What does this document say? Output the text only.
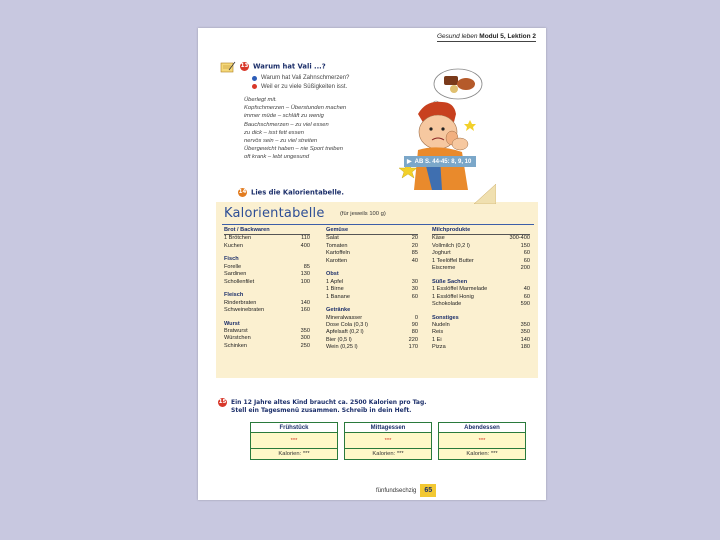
Gesund leben Modul 5, Lektion 2
13 Warum hat Vali ...?
Warum hat Vali Zahnschmerzen?
Weil er zu viele Süßigkeiten isst.
Überlegt mit.
Kopfschmerzen – Überstunden machen
immer müde – schläft zu wenig
Bauchschmerzen – zu viel essen
zu dick – isst fett essen
nervös sein – zu viel streiten
Übergewicht haben – nie Sport treiben
oft krank – lebt ungesund
▶ AB S. 44-45: 8, 9, 10
14 Lies die Kalorientabelle.
Kalorientabelle	(für jeweils 100 g)
Brot / Backwaren
1 Brötchen	110
Kuchen	400
Fisch
Forelle	85
Sardinen	130
Schollenfilet	100
Fleisch
Rinderbraten	140
Schweinebraten	160
Wurst
Bratwurst	350
Würstchen	300
Schinken	250
Gemüse
Salat	20
Tomaten	20
Kartoffeln	85
Karotten	40
Obst
1 Apfel	30
1 Birne	30
1 Banane	60
Getränke
Mineralwasser	0
Dose Cola (0,3 l)	90
Apfelsaft (0,2 l)	80
Bier (0,5 l)	220
Wein (0,25 l)	170
Milchprodukte
Käse	300-400
Vollmilch (0,2 l)	150
Joghurt	60
1 Teelöffel Butter	60
Eiscreme	200
Süße Sachen
1 Esslöffel Marmelade	40
1 Esslöffel Honig	60
Schokolade	590
Sonstiges
Nudeln	350
Reis	350
1 Ei	140
Pizza	180
15 Ein 12 Jahre altes Kind braucht ca. 2500 Kalorien pro Tag.
Stell ein Tagesmenü zusammen. Schreib in dein Heft.
Frühstück
***
Kalorien: ***
Mittagessen
***
Kalorien: ***
Abendessen
***
Kalorien: ***
fünfundsechzig	65
